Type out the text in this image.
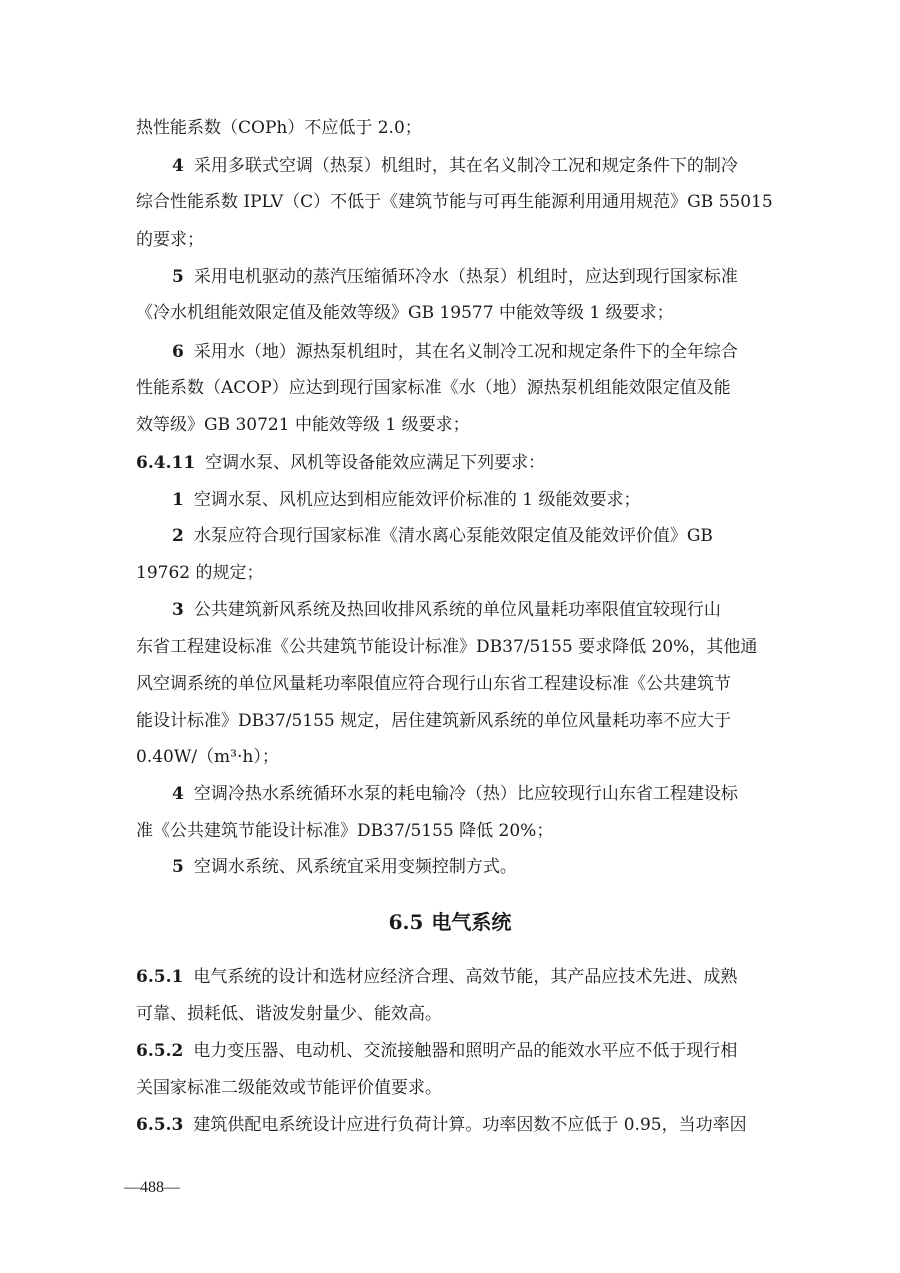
热性能系数（COPh）不应低于 2.0；
4 采用多联式空调（热泵）机组时，其在名义制冷工况和规定条件下的制冷
综合性能系数 IPLV（C）不低于《建筑节能与可再生能源利用通用规范》GB 55015
的要求；
5 采用电机驱动的蒸汽压缩循环冷水（热泵）机组时，应达到现行国家标准
《冷水机组能效限定值及能效等级》GB 19577 中能效等级 1 级要求；
6 采用水（地）源热泵机组时，其在名义制冷工况和规定条件下的全年综合
性能系数（ACOP）应达到现行国家标准《水（地）源热泵机组能效限定值及能
效等级》GB 30721 中能效等级 1 级要求；
6.4.11 空调水泵、风机等设备能效应满足下列要求：
1 空调水泵、风机应达到相应能效评价标准的 1 级能效要求；
2 水泵应符合现行国家标准《清水离心泵能效限定值及能效评价值》GB
19762 的规定；
3 公共建筑新风系统及热回收排风系统的单位风量耗功率限值宜较现行山
东省工程建设标准《公共建筑节能设计标准》DB37/5155 要求降低 20%，其他通
风空调系统的单位风量耗功率限值应符合现行山东省工程建设标准《公共建筑节
能设计标准》DB37/5155 规定，居住建筑新风系统的单位风量耗功率不应大于
0.40W/（m³·h）；
4 空调冷热水系统循环水泵的耗电输冷（热）比应较现行山东省工程建设标
准《公共建筑节能设计标准》DB37/5155 降低 20%；
5 空调水系统、风系统宜采用变频控制方式。
6.5 电气系统
6.5.1 电气系统的设计和选材应经济合理、高效节能，其产品应技术先进、成熟
可靠、损耗低、谐波发射量少、能效高。
6.5.2 电力变压器、电动机、交流接触器和照明产品的能效水平应不低于现行相
关国家标准二级能效或节能评价值要求。
6.5.3 建筑供配电系统设计应进行负荷计算。功率因数不应低于 0.95，当功率因
—488—
